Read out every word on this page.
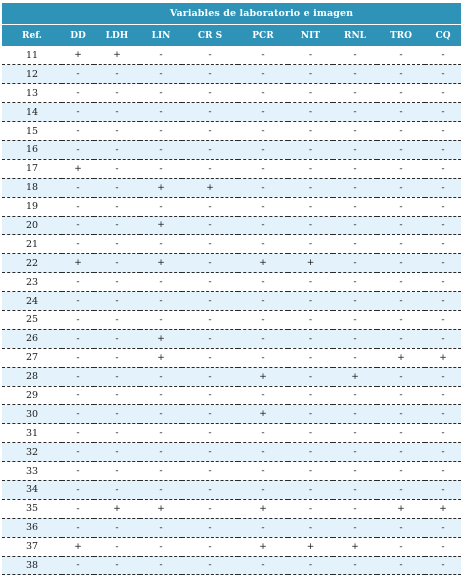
	Variables de laboratorio e imagen								
Ref.	DD	LDH	LIN	CR S	PCR	NIT	RNL	TRO	CQ
11	+	+	-	-	-	-	-	-	-
12	-	-	-	-	-	-	-	-	-
13	-	-	-	-	-	-	-	-	-
14	-	-	-	-	-	-	-	-	-
15	-	-	-	-	-	-	-	-	-
16	-	-	-	-	-	-	-	-	-
17	+	-	-	-	-	-	-	-	-
18	-	-	+	+	-	-	-	-	-
19	-	-	-	-	-	-	-	-	-
20	-	-	+	-	-	-	-	-	-
21	-	-	-	-	-	-	-	-	-
22	+	-	+	-	+	+	-	-	-
23	-	-	-	-	-	-	-	-	-
24	-	-	-	-	-	-	-	-	-
25	-	-	-	-	-	-	-	-	-
26	-	-	+	-	-	-	-	-	-
27	-	-	+	-	-	-	-	+	+
28	-	-	-	-	+	-	+	-	-
29	-	-	-	-	-	-	-	-	-
30	-	-	-	-	+	-	-	-	-
31	-	-	-	-	-	-	-	-	-
32	-	-	-	-	-	-	-	-	-
33	-	-	-	-	-	-	-	-	-
34	-	-	-	-	-	-	-	-	-
35	-	+	+	-	+	-	-	+	+
36	-	-	-	-	-	-	-	-	-
37	+	-	-	-	+	+	+	-	-
38	-	-	-	-	-	-	-	-	-
